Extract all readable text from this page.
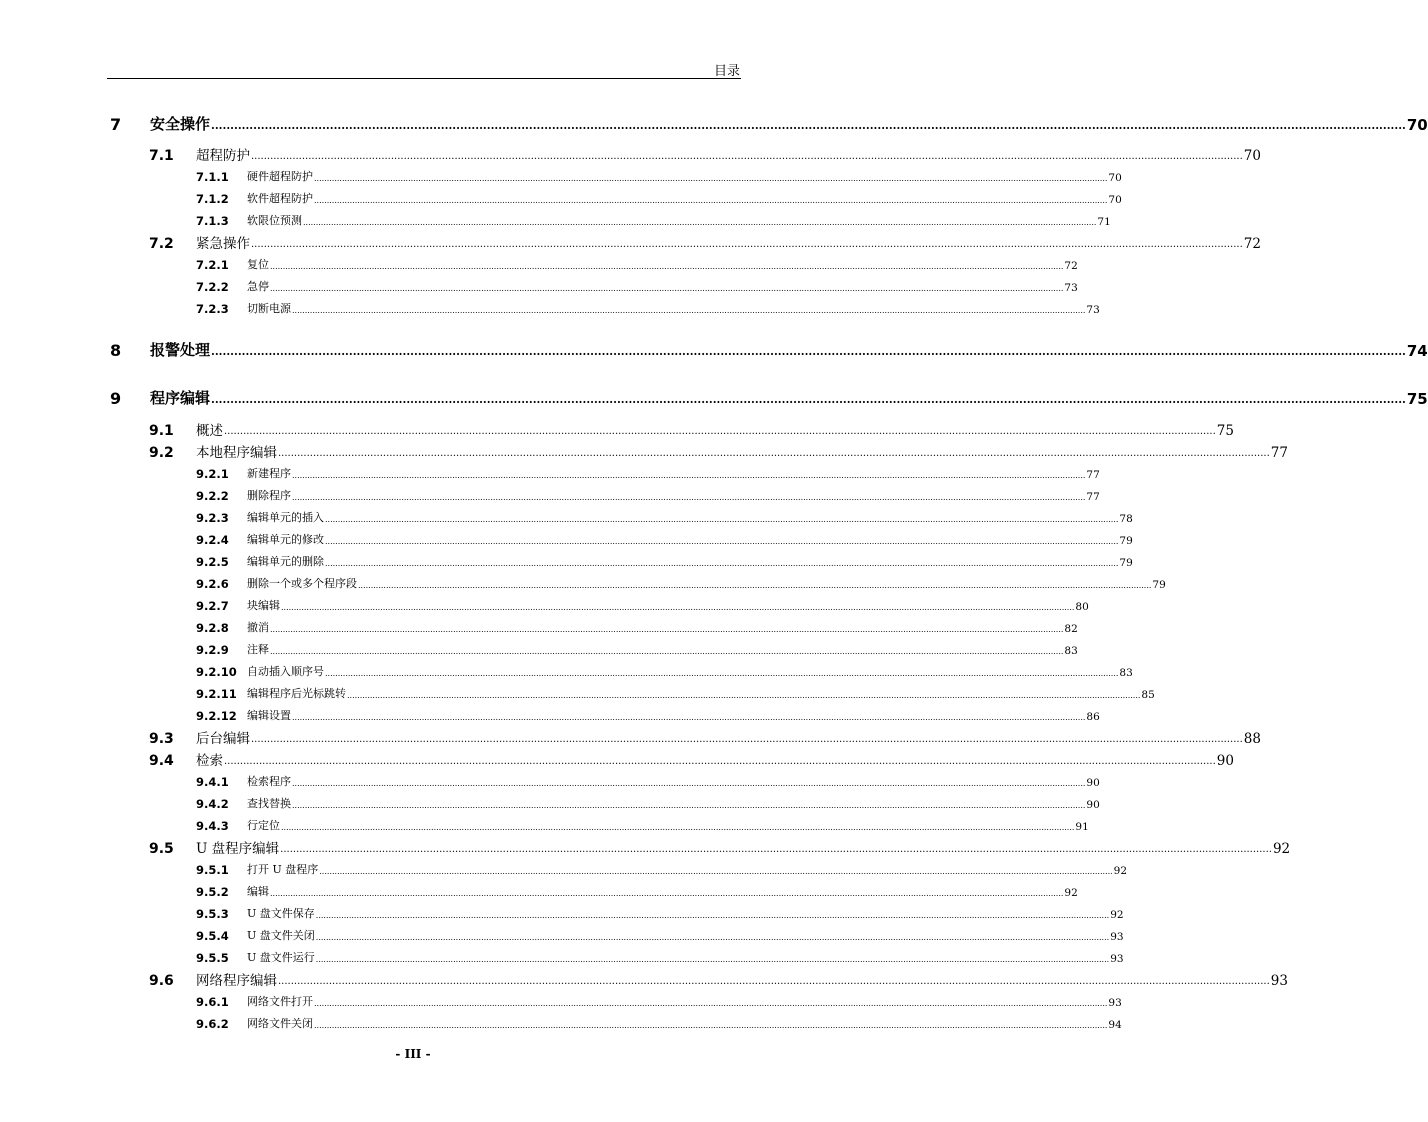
目录
7 安全操作 .....	70
7.1 超程防护 .....	70
7.1.1 硬件超程防护 .....	70
7.1.2 软件超程防护 .....	70
7.1.3 软限位预测 .....	71
7.2 紧急操作 .....	72
7.2.1 复位 .....	72
7.2.2 急停 .....	73
7.2.3 切断电源 .....	73
8 报警处理 .....	74
9 程序编辑 .....	75
9.1 概述 .....	75
9.2 本地程序编辑 .....	77
9.2.1 新建程序 .....	77
9.2.2 删除程序 .....	77
9.2.3 编辑单元的插入 .....	78
9.2.4 编辑单元的修改 .....	79
9.2.5 编辑单元的删除 .....	79
9.2.6 删除一个或多个程序段 .....	79
9.2.7 块编辑 .....	80
9.2.8 撤消 .....	82
9.2.9 注释 .....	83
9.2.10 自动插入顺序号 .....	83
9.2.11 编辑程序后光标跳转 .....	85
9.2.12 编辑设置 .....	86
9.3 后台编辑 .....	88
9.4 检索 .....	90
9.4.1 检索程序 .....	90
9.4.2 查找替换 .....	90
9.4.3 行定位 .....	91
9.5 U 盘程序编辑 .....	92
9.5.1 打开 U 盘程序 .....	92
9.5.2 编辑 .....	92
9.5.3 U 盘文件保存 .....	92
9.5.4 U 盘文件关闭 .....	93
9.5.5 U 盘文件运行 .....	93
9.6 网络程序编辑 .....	93
9.6.1 网络文件打开 .....	93
9.6.2 网络文件关闭 .....	94
- III -
